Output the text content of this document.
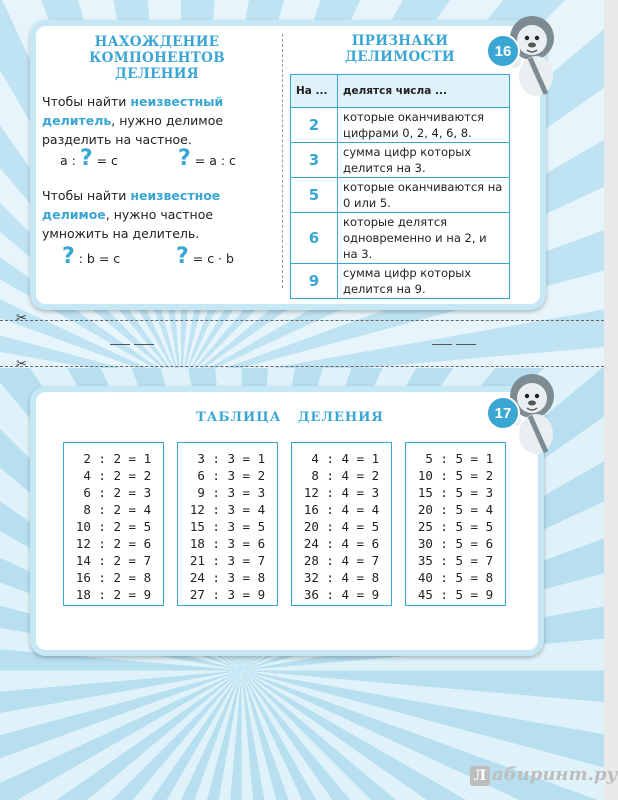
НАХОЖДЕНИЕ
КОМПОНЕНТОВ
ДЕЛЕНИЯ
Чтобы найти неизвестный делитель, нужно делимое разделить на частное.
a : ? = c	? = a : c
Чтобы найти неизвестное делимое, нужно частное умножить на делитель.
? : b = c	? = c · b
ПРИЗНАКИ
ДЕЛИМОСТИ
На ...	делятся числа ...
2	которые оканчиваются цифрами 0, 2, 4, 6, 8.
3	сумма цифр которых делится на 3.
5	которые оканчиваются на 0 или 5.
6	которые делятся одновременно и на 2, и на 3.
9	сумма цифр которых делится на 9.
16
✂
✂
ТАБЛИЦА   ДЕЛЕНИЯ
2 : 2 = 1
4 : 2 = 2
6 : 2 = 3
8 : 2 = 4
10 : 2 = 5
12 : 2 = 6
14 : 2 = 7
16 : 2 = 8
18 : 2 = 9
3 : 3 = 1
6 : 3 = 2
9 : 3 = 3
12 : 3 = 4
15 : 3 = 5
18 : 3 = 6
21 : 3 = 7
24 : 3 = 8
27 : 3 = 9
4 : 4 = 1
8 : 4 = 2
12 : 4 = 3
16 : 4 = 4
20 : 4 = 5
24 : 4 = 6
28 : 4 = 7
32 : 4 = 8
36 : 4 = 9
5 : 5 = 1
10 : 5 = 2
15 : 5 = 3
20 : 5 = 4
25 : 5 = 5
30 : 5 = 6
35 : 5 = 7
40 : 5 = 8
45 : 5 = 9
17
Л абиринт.ру
